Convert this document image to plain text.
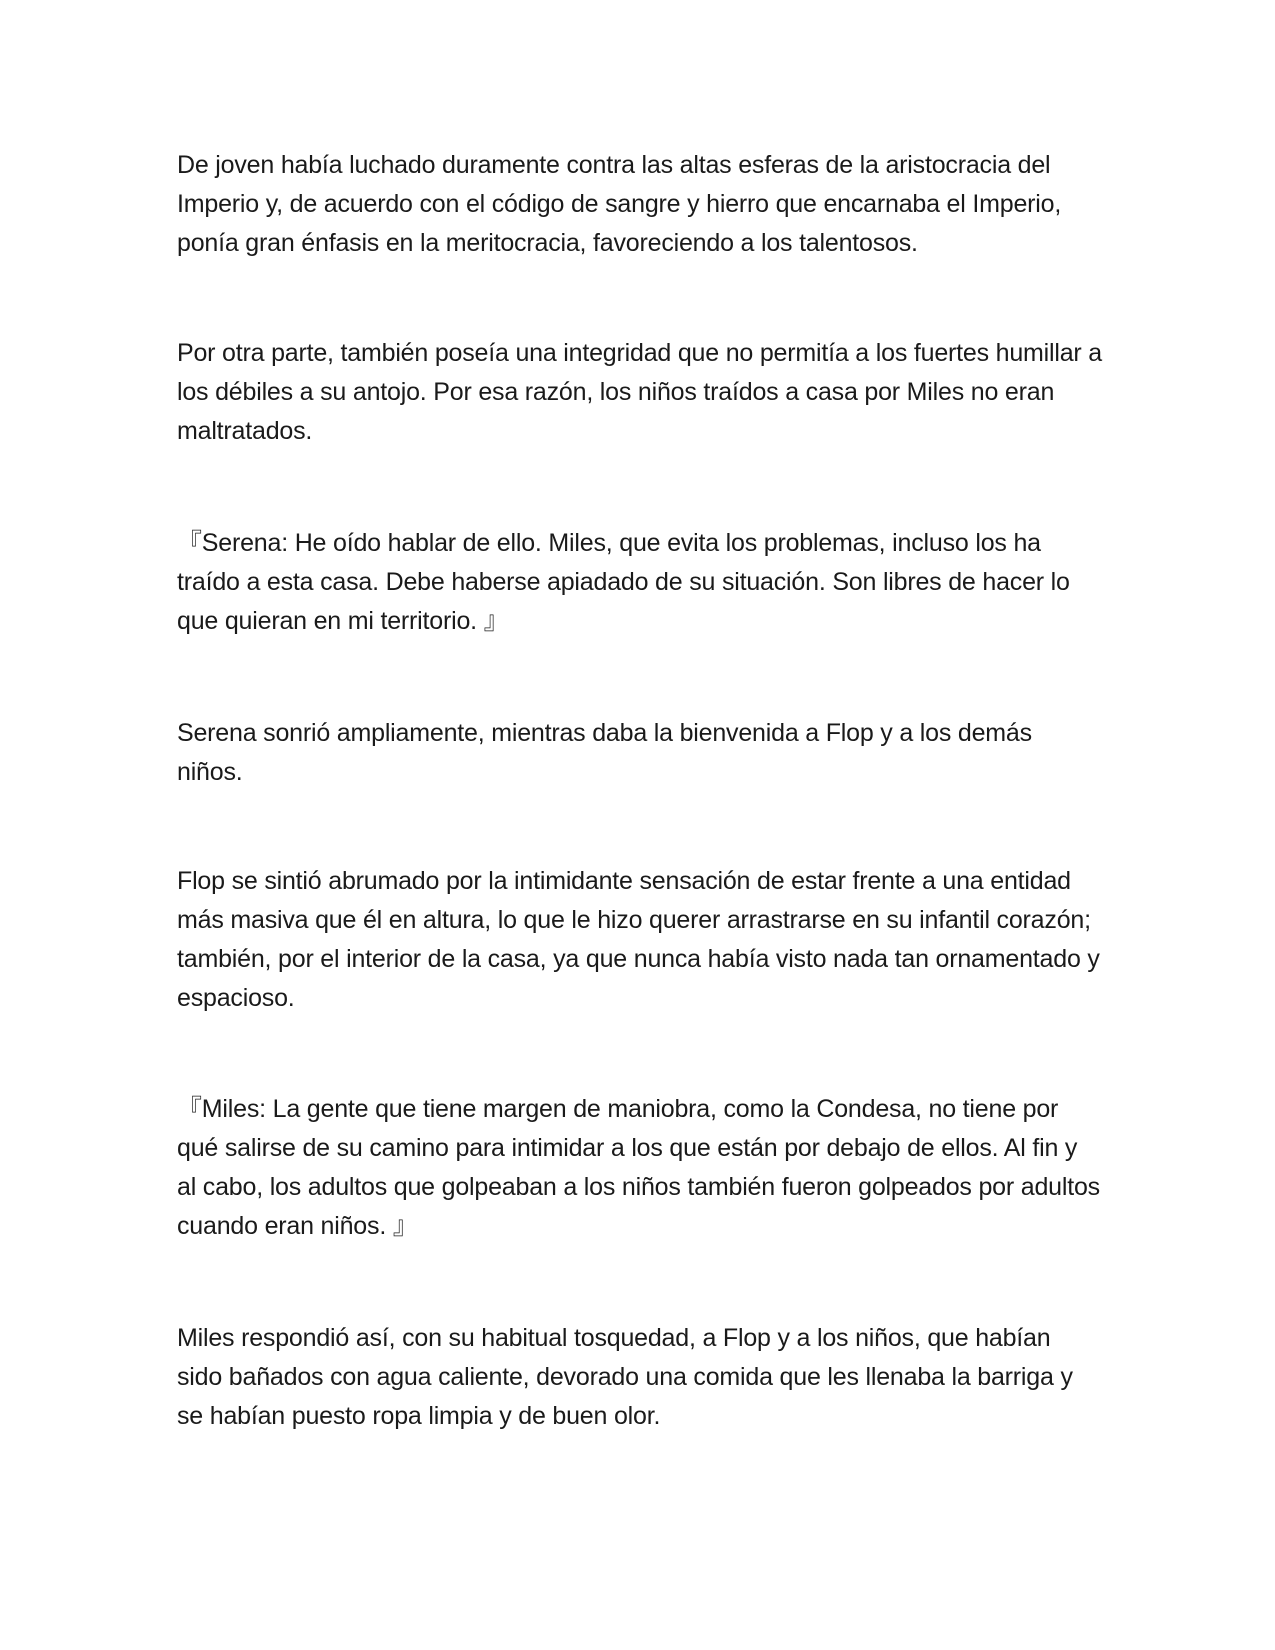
De joven había luchado duramente contra las altas esferas de la aristocracia del Imperio y, de acuerdo con el código de sangre y hierro que encarnaba el Imperio, ponía gran énfasis en la meritocracia, favoreciendo a los talentosos.

Por otra parte, también poseía una integridad que no permitía a los fuertes humillar a los débiles a su antojo. Por esa razón, los niños traídos a casa por Miles no eran maltratados.

『Serena: He oído hablar de ello. Miles, que evita los problemas, incluso los ha traído a esta casa. Debe haberse apiadado de su situación. Son libres de hacer lo que quieran en mi territorio. 』

Serena sonrió ampliamente, mientras daba la bienvenida a Flop y a los demás niños.

Flop se sintió abrumado por la intimidante sensación de estar frente a una entidad más masiva que él en altura, lo que le hizo querer arrastrarse en su infantil corazón; también, por el interior de la casa, ya que nunca había visto nada tan ornamentado y espacioso.

『Miles: La gente que tiene margen de maniobra, como la Condesa, no tiene por qué salirse de su camino para intimidar a los que están por debajo de ellos. Al fin y al cabo, los adultos que golpeaban a los niños también fueron golpeados por adultos cuando eran niños. 』

Miles respondió así, con su habitual tosquedad, a Flop y a los niños, que habían sido bañados con agua caliente, devorado una comida que les llenaba la barriga y se habían puesto ropa limpia y de buen olor.
